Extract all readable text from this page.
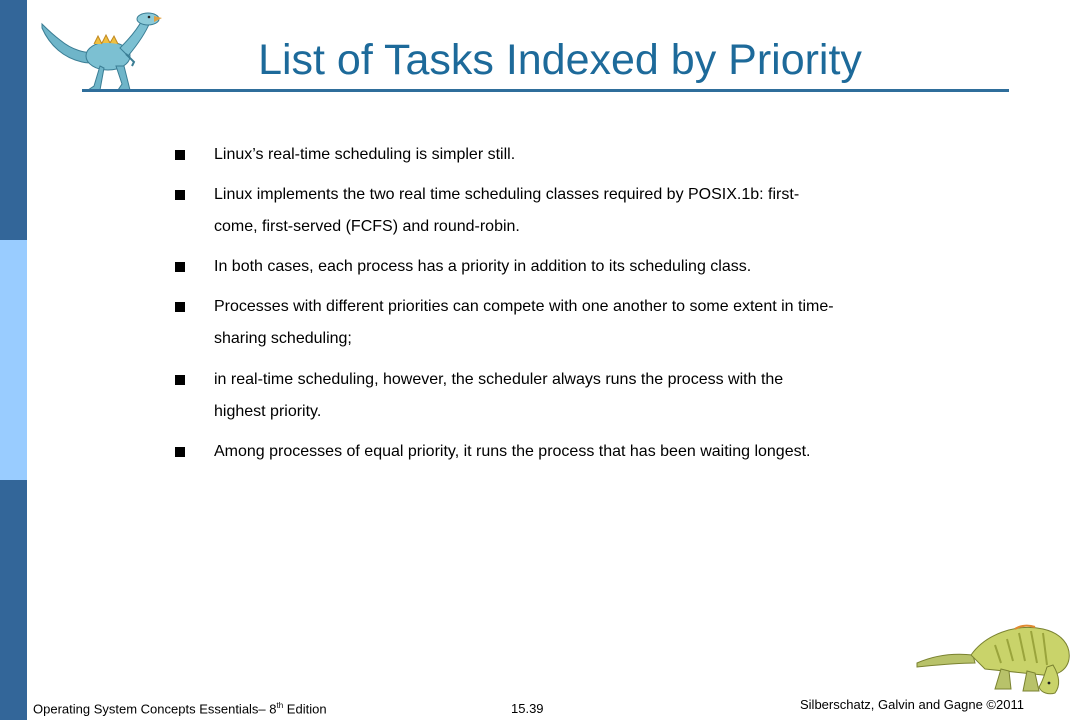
List of Tasks Indexed by Priority
Linux’s real-time scheduling is simpler still.
Linux implements the two real time scheduling classes required by POSIX.1b: first-
come, first-served (FCFS) and round-robin.
In both cases, each process has a priority in addition to its scheduling class.
Processes with different priorities can compete with one another to some extent in time-
sharing scheduling;
in real-time scheduling, however, the scheduler always runs the process with the
highest priority.
Among processes of equal priority, it runs the process that has been waiting longest.
Operating System Concepts Essentials– 8th Edition	15.39	Silberschatz, Galvin and Gagne ©2011
